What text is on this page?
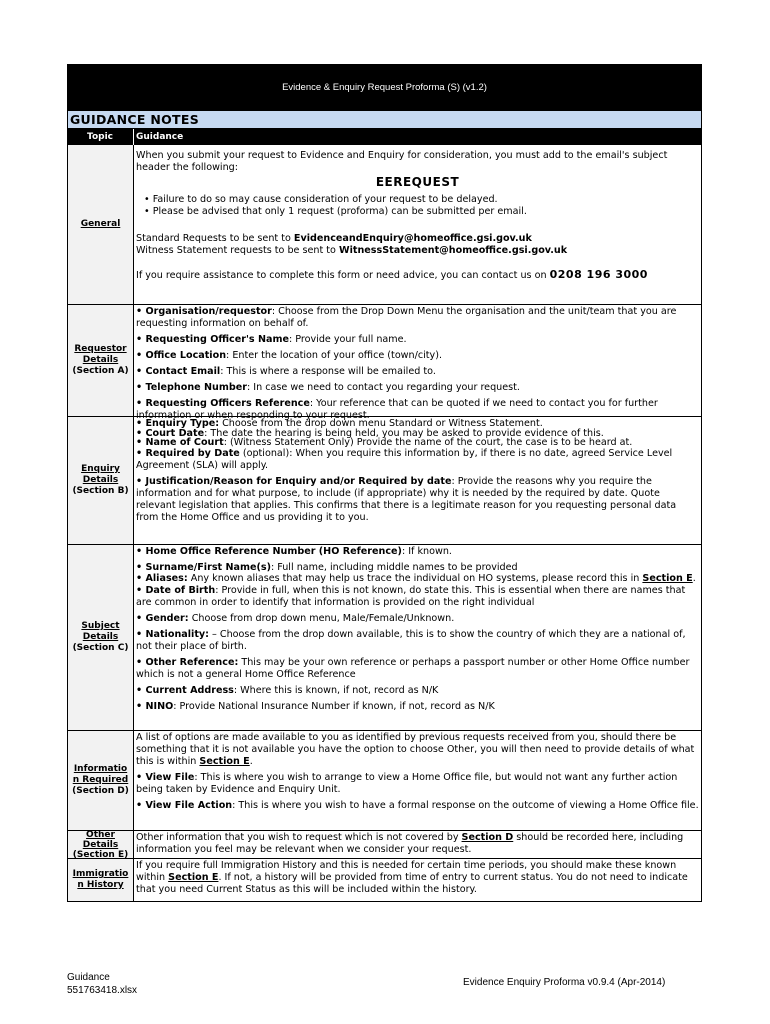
Evidence & Enquiry Request Proforma (S) (v1.2)
GUIDANCE NOTES
Topic	Guidance
General

When you submit your request to Evidence and Enquiry for consideration, you must add to the email's subject header the following:

EEREQUEST

• Failure to do so may cause consideration of your request to be delayed.

• Please be advised that only 1 request (proforma) can be submitted per email.

Standard Requests to be sent to EvidenceandEnquiry@homeoffice.gsi.gov.uk

Witness Statement requests to be sent to WitnessStatement@homeoffice.gsi.gov.uk

If you require assistance to complete this form or need advice, you can contact us on 0208 196 3000

Requestor
Details
(Section A)

• Organisation/requestor: Choose from the Drop Down Menu the organisation and the unit/team that you are requesting information on behalf of.

• Requesting Officer's Name: Provide your full name.

• Office Location: Enter the location of your office (town/city).

• Contact Email: This is where a response will be emailed to.

• Telephone Number: In case we need to contact you regarding your request.

• Requesting Officers Reference: Your reference that can be quoted if we need to contact you for further information or when responding to your request.

Enquiry
Details
(Section B)

• Enquiry Type: Choose from the drop down menu Standard or Witness Statement.

• Court Date: The date the hearing is being held, you may be asked to provide evidence of this.

• Name of Court: (Witness Statement Only) Provide the name of the court, the case is to be heard at.

• Required by Date (optional): When you require this information by, if there is no date, agreed Service Level Agreement (SLA) will apply.

• Justification/Reason for Enquiry and/or Required by date: Provide the reasons why you require the information and for what purpose, to include (if appropriate) why it is needed by the required by date. Quote relevant legislation that applies. This confirms that there is a legitimate reason for you requesting personal data from the Home Office and us providing it to you.

Subject
Details
(Section C)

• Home Office Reference Number (HO Reference): If known.

• Surname/First Name(s): Full name, including middle names to be provided

• Aliases: Any known aliases that may help us trace the individual on HO systems, please record this in Section E.

• Date of Birth: Provide in full, when this is not known, do state this. This is essential when there are names that are common in order to identify that information is provided on the right individual

• Gender: Choose from drop down menu, Male/Female/Unknown.

• Nationality: – Choose from the drop down available, this is to show the country of which they are a national of, not their place of birth.

• Other Reference: This may be your own reference or perhaps a passport number or other Home Office number which is not a general Home Office Reference

• Current Address: Where this is known, if not, record as N/K

• NINO: Provide National Insurance Number if known, if not, record as N/K

Informatio
n Required
(Section D)

A list of options are made available to you as identified by previous requests received from you, should there be something that it is not available you have the option to choose Other, you will then need to provide details of what this is within Section E.

• View File: This is where you wish to arrange to view a Home Office file, but would not want any further action being taken by Evidence and Enquiry Unit.

• View File Action: This is where you wish to have a formal response on the outcome of viewing a Home Office file.

Other
Details
(Section E)

Other information that you wish to request which is not covered by Section D should be recorded here, including information you feel may be relevant when we consider your request.

Immigratio
n History

If you require full Immigration History and this is needed for certain time periods, you should make these known within Section E. If not, a history will be provided from time of entry to current status. You do not need to indicate that you need Current Status as this will be included within the history.

Guidance
551763418.xlsx
Evidence Enquiry Proforma v0.9.4 (Apr-2014)
